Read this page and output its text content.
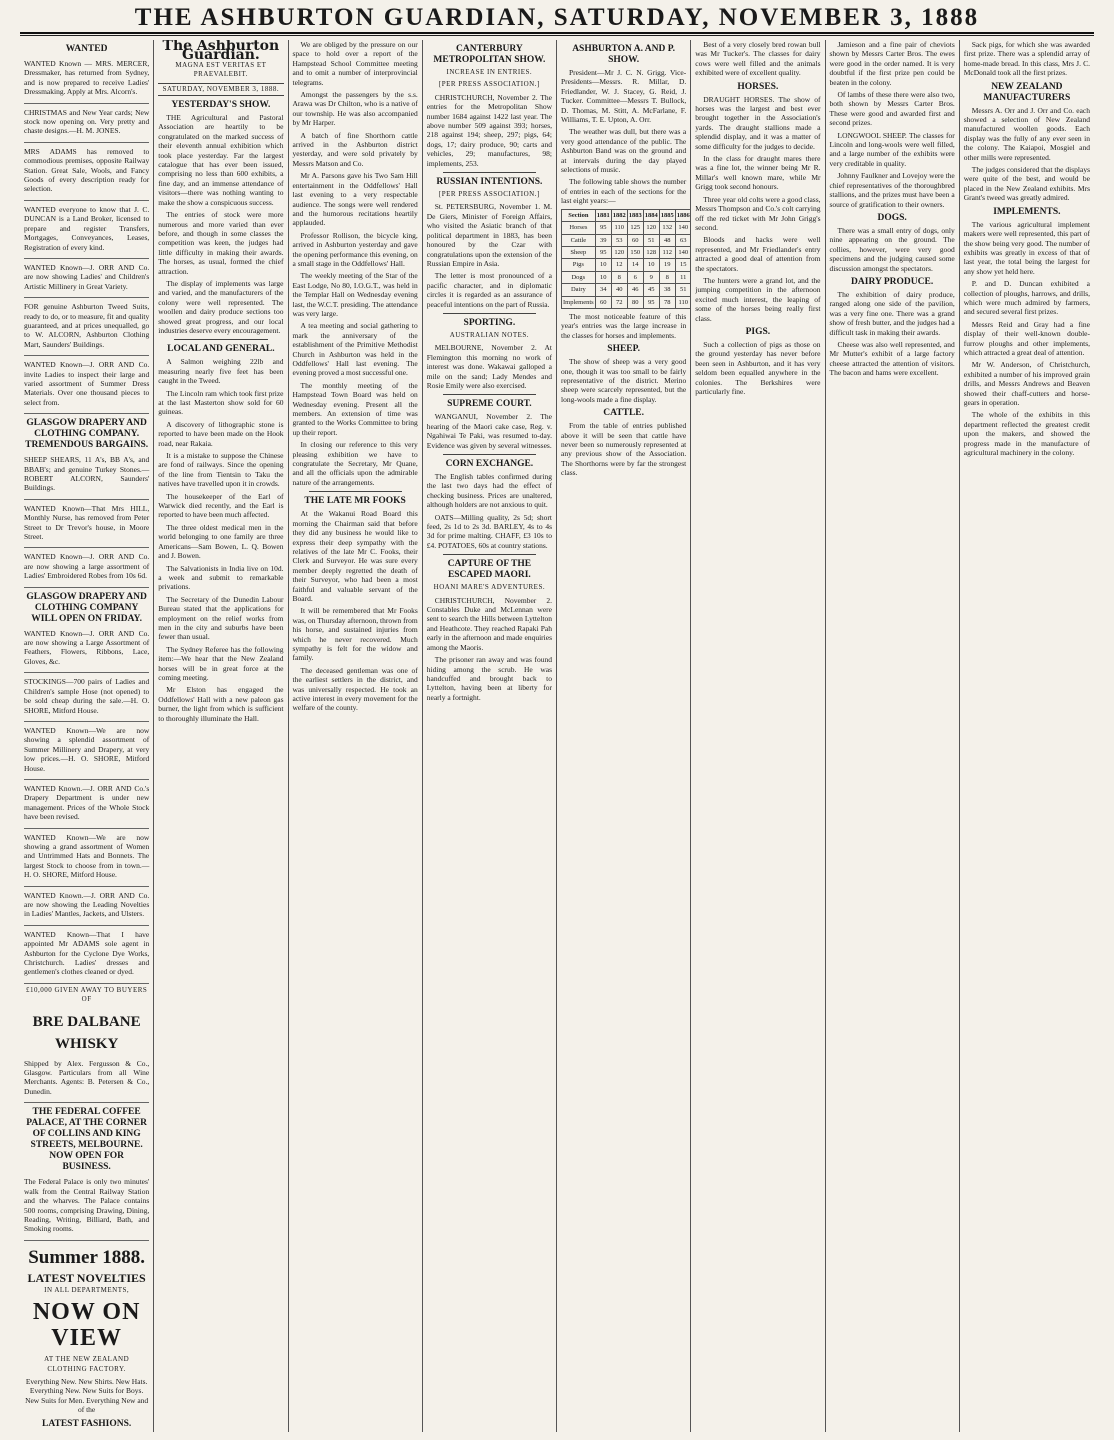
THE ASHBURTON GUARDIAN, SATURDAY, NOVEMBER 3, 1888
WANTED

WANTED Known — MRS. MERCER, Dressmaker, has returned from Sydney, and is now prepared to receive Ladies' Dressmaking. Apply at Mrs. Alcorn's.

CHRISTMAS and New Year cards; New stock now opening on. Very pretty and chaste designs.—H. M. JONES.

MRS ADAMS has removed to commodious premises, opposite Railway Station. Great Sale, Wools, and Fancy Goods of every description ready for selection.

WANTED everyone to know that J. C. DUNCAN is a Land Broker, licensed to prepare and register Transfers, Mortgages, Conveyances, Leases, Registration of every kind.

WANTED Known—J. ORR AND Co. are now showing Ladies' and Children's Artistic Millinery in Great Variety.

FOR genuine Ashburton Tweed Suits, ready to do, or to measure, fit and quality guaranteed, and at prices unequalled, go to W. ALCORN, Ashburton Clothing Mart, Saunders' Buildings.

WANTED Known—J. ORR AND Co. invite Ladies to inspect their large and varied assortment of Summer Dress Materials. Over one thousand pieces to select from.

GLASGOW DRAPERY AND CLOTHING COMPANY. TREMENDOUS BARGAINS.

SHEEP SHEARS, 11 A's, BB A's, and BBAB's; and genuine Turkey Stones.—ROBERT ALCORN, Saunders' Buildings.

WANTED Known—That Mrs HILL, Monthly Nurse, has removed from Peter Street to Dr Trevor's house, in Moore Street.

WANTED Known—J. ORR AND Co. are now showing a large assortment of Ladies' Embroidered Robes from 10s 6d.

GLASGOW DRAPERY AND CLOTHING COMPANY WILL OPEN ON FRIDAY.

WANTED Known—J. ORR AND Co. are now showing a Large Assortment of Feathers, Flowers, Ribbons, Lace, Gloves, &c.

STOCKINGS—700 pairs of Ladies and Children's sample Hose (not opened) to be sold cheap during the sale.—H. O. SHORE, Mitford House.

WANTED Known—We are now showing a splendid assortment of Summer Millinery and Drapery, at very low prices.—H. O. SHORE, Mitford House.

WANTED Known.—J. ORR AND Co.'s Drapery Department is under new management. Prices of the Whole Stock have been revised.

WANTED Known—We are now showing a grand assortment of Women and Untrimmed Hats and Bonnets. The largest Stock to choose from in town.—H. O. SHORE, Mitford House.

WANTED Known.—J. ORR AND Co. are now showing the Leading Novelties in Ladies' Mantles, Jackets, and Ulsters.

WANTED Known—That I have appointed Mr ADAMS sole agent in Ashburton for the Cyclone Dye Works, Christchurch. Ladies' dresses and gentlemen's clothes cleaned or dyed.

£10,000 GIVEN AWAY TO BUYERS OF
BRE DALBANE WHISKY

Shipped by Alex. Fergusson & Co., Glasgow. Particulars from all Wine Merchants. Agents: B. Petersen & Co., Dunedin.

THE FEDERAL COFFEE PALACE, AT THE CORNER OF COLLINS AND KING STREETS, MELBOURNE. NOW OPEN FOR BUSINESS.

The Federal Palace is only two minutes' walk from the Central Railway Station and the wharves. The Palace contains 500 rooms, comprising Drawing, Dining, Reading, Writing, Billiard, Bath, and Smoking rooms.

Summer 1888.
LATEST NOVELTIES
IN ALL DEPARTMENTS,
NOW ON VIEW
AT THE NEW ZEALAND CLOTHING FACTORY.

Everything New. New Shirts. New Hats. Everything New. New Suits for Boys. New Suits for Men. Everything New and of the

LATEST FASHIONS.

The Ashburton Guardian.
MAGNA EST VERITAS ET PRAEVALEBIT.
SATURDAY, NOVEMBER 3, 1888.
YESTERDAY'S SHOW.

THE Agricultural and Pastoral Association are heartily to be congratulated on the marked success of their eleventh annual exhibition which took place yesterday. Far the largest catalogue that has ever been issued, comprising no less than 600 exhibits, a fine day, and an immense attendance of visitors—there was nothing wanting to make the show a conspicuous success.

The entries of stock were more numerous and more varied than ever before, and though in some classes the competition was keen, the judges had little difficulty in making their awards. The horses, as usual, formed the chief attraction.

The display of implements was large and varied, and the manufacturers of the colony were well represented. The woollen and dairy produce sections too showed great progress, and our local industries deserve every encouragement.

LOCAL AND GENERAL.

A Salmon weighing 22lb and measuring nearly five feet has been caught in the Tweed.

The Lincoln ram which took first prize at the last Masterton show sold for 60 guineas.

A discovery of lithographic stone is reported to have been made on the Hook road, near Rakaia.

It is a mistake to suppose the Chinese are fond of railways. Since the opening of the line from Tientsin to Taku the natives have travelled upon it in crowds.

The housekeeper of the Earl of Warwick died recently, and the Earl is reported to have been much affected.

The three oldest medical men in the world belonging to one family are three Americans—Sam Bowen, L. Q. Bowen and J. Bowen.

The Salvationists in India live on 10d. a week and submit to remarkable privations.

The Secretary of the Dunedin Labour Bureau stated that the applications for employment on the relief works from men in the city and suburbs have been fewer than usual.

The Sydney Referee has the following item:—We hear that the New Zealand horses will be in great force at the coming meeting.

Mr Elston has engaged the Oddfellows' Hall with a new paleon gas burner, the light from which is sufficient to thoroughly illuminate the Hall.

We are obliged by the pressure on our space to hold over a report of the Hampstead School Committee meeting and to omit a number of interprovincial telegrams.

Amongst the passengers by the s.s. Arawa was Dr Chilton, who is a native of our township. He was also accompanied by Mr Harper.

A batch of fine Shorthorn cattle arrived in the Ashburton district yesterday, and were sold privately by Messrs Matson and Co.

Mr A. Parsons gave his Two Sam Hill entertainment in the Oddfellows' Hall last evening to a very respectable audience. The songs were well rendered and the humorous recitations heartily applauded.

Professor Rollison, the bicycle king, arrived in Ashburton yesterday and gave the opening performance this evening, on a small stage in the Oddfellows' Hall.

The weekly meeting of the Star of the East Lodge, No 80, I.O.G.T., was held in the Templar Hall on Wednesday evening last, the W.C.T. presiding. The attendance was very large.

A tea meeting and social gathering to mark the anniversary of the establishment of the Primitive Methodist Church in Ashburton was held in the Oddfellows' Hall last evening. The evening proved a most successful one.

The monthly meeting of the Hampstead Town Board was held on Wednesday evening. Present all the members. An extension of time was granted to the Works Committee to bring up their report.

In closing our reference to this very pleasing exhibition we have to congratulate the Secretary, Mr Quane, and all the officials upon the admirable nature of the arrangements.

THE LATE MR FOOKS

At the Wakanui Road Board this morning the Chairman said that before they did any business he would like to express their deep sympathy with the relatives of the late Mr C. Fooks, their Clerk and Surveyor. He was sure every member deeply regretted the death of their Surveyor, who had been a most faithful and valuable servant of the Board.

It will be remembered that Mr Fooks was, on Thursday afternoon, thrown from his horse, and sustained injuries from which he never recovered. Much sympathy is felt for the widow and family.

The deceased gentleman was one of the earliest settlers in the district, and was universally respected. He took an active interest in every movement for the welfare of the county.

CANTERBURY METROPOLITAN SHOW.
INCREASE IN ENTRIES.
[PER PRESS ASSOCIATION.]

CHRISTCHURCH, November 2. The entries for the Metropolitan Show number 1684 against 1422 last year. The above number 509 against 393; horses, 218 against 194; sheep, 297; pigs, 64; dogs, 17; dairy produce, 90; carts and vehicles, 29; manufactures, 98; implements, 253.

RUSSIAN INTENTIONS.
[PER PRESS ASSOCIATION.]

St. PETERSBURG, November 1. M. De Giers, Minister of Foreign Affairs, who visited the Asiatic branch of that political department in 1883, has been honoured by the Czar with congratulations upon the extension of the Russian Empire in Asia.

The letter is most pronounced of a pacific character, and in diplomatic circles it is regarded as an assurance of peaceful intentions on the part of Russia.

SPORTING.
AUSTRALIAN NOTES.

MELBOURNE, November 2. At Flemington this morning no work of interest was done. Wakawai galloped a mile on the sand; Lady Mendes and Rosie Emily were also exercised.

SUPREME COURT.

WANGANUI, November 2. The hearing of the Maori cake case, Reg. v. Ngahiwai Te Paki, was resumed to-day. Evidence was given by several witnesses.

CORN EXCHANGE.

The English tables confirmed during the last two days had the effect of checking business. Prices are unaltered, although holders are not anxious to quit.

OATS—Milling quality, 2s 5d; short feed, 2s 1d to 2s 3d. BARLEY, 4s to 4s 3d for prime malting. CHAFF, £3 10s to £4. POTATOES, 60s at country stations.

CAPTURE OF THE ESCAPED MAORI.
HOANI MARE'S ADVENTURES.

CHRISTCHURCH, November 2. Constables Duke and McLennan were sent to search the Hills between Lyttelton and Heathcote. They reached Rapaki Pah early in the afternoon and made enquiries among the Maoris.

The prisoner ran away and was found hiding among the scrub. He was handcuffed and brought back to Lyttelton, having been at liberty for nearly a fortnight.

ASHBURTON A. AND P. SHOW.

President—Mr J. C. N. Grigg. Vice-Presidents—Messrs. R. Millar, D. Friedlander, W. J. Stacey, G. Reid, J. Tucker. Committee—Messrs T. Bullock, D. Thomas, M. Stitt, A. McFarlane, F. Williams, T. E. Upton, A. Orr.

The weather was dull, but there was a very good attendance of the public. The Ashburton Band was on the ground and at intervals during the day played selections of music.

The following table shows the number of entries in each of the sections for the last eight years:—

Section	1881	1882	1883	1884	1885	1886		
Horses	95	110	125	120	132	140		
Cattle	39	53	60	51	48	63		
Sheep	95	120	150	128	112	140		
Pigs	10	12	14	10	19	15		
Dogs	10	8	6	9	8	11		
Dairy	34	40	46	45	38	51		
Implements	60	72	80	95	78	110		

The most noticeable feature of this year's entries was the large increase in the classes for horses and implements.

SHEEP.

The show of sheep was a very good one, though it was too small to be fairly representative of the district. Merino sheep were scarcely represented, but the long-wools made a fine display.

CATTLE.

From the table of entries published above it will be seen that cattle have never been so numerously represented at any previous show of the Association. The Shorthorns were by far the strongest class.

Best of a very closely bred rowan bull was Mr Tucker's. The classes for dairy cows were well filled and the animals exhibited were of excellent quality.

HORSES.

DRAUGHT HORSES. The show of horses was the largest and best ever brought together in the Association's yards. The draught stallions made a splendid display, and it was a matter of some difficulty for the judges to decide.

In the class for draught mares there was a fine lot, the winner being Mr R. Millar's well known mare, while Mr Grigg took second honours.

Three year old colts were a good class, Messrs Thompson and Co.'s colt carrying off the red ticket with Mr John Grigg's second.

Bloods and hacks were well represented, and Mr Friedlander's entry attracted a good deal of attention from the spectators.

The hunters were a grand lot, and the jumping competition in the afternoon excited much interest, the leaping of some of the horses being really first class.

PIGS.

Such a collection of pigs as those on the ground yesterday has never before been seen in Ashburton, and it has very seldom been equalled anywhere in the colonies. The Berkshires were particularly fine.

Jamieson and a fine pair of cheviots shown by Messrs Carter Bros. The ewes were good in the order named. It is very doubtful if the first prize pen could be beaten in the colony.

Of lambs of these there were also two, both shown by Messrs Carter Bros. These were good and awarded first and second prizes.

LONGWOOL SHEEP. The classes for Lincoln and long-wools were well filled, and a large number of the exhibits were very creditable in quality.

Johnny Faulkner and Lovejoy were the chief representatives of the thoroughbred stallions, and the prizes must have been a source of gratification to their owners.

DOGS.

There was a small entry of dogs, only nine appearing on the ground. The collies, however, were very good specimens and the judging caused some discussion amongst the spectators.

DAIRY PRODUCE.

The exhibition of dairy produce, ranged along one side of the pavilion, was a very fine one. There was a grand show of fresh butter, and the judges had a difficult task in making their awards.

Cheese was also well represented, and Mr Mutter's exhibit of a large factory cheese attracted the attention of visitors. The bacon and hams were excellent.

Sack pigs, for which she was awarded first prize. There was a splendid array of home-made bread. In this class, Mrs J. C. McDonald took all the first prizes.

NEW ZEALAND MANUFACTURERS

Messrs A. Orr and J. Orr and Co. each showed a selection of New Zealand manufactured woollen goods. Each display was the fully of any ever seen in the colony. The Kaiapoi, Mosgiel and other mills were represented.

The judges considered that the displays were quite of the best, and would be placed in the New Zealand exhibits. Mrs Grant's tweed was greatly admired.

IMPLEMENTS.

The various agricultural implement makers were well represented, this part of the show being very good. The number of exhibits was greatly in excess of that of last year, the total being the largest for any show yet held here.

P. and D. Duncan exhibited a collection of ploughs, harrows, and drills, which were much admired by farmers, and secured several first prizes.

Messrs Reid and Gray had a fine display of their well-known double-furrow ploughs and other implements, which attracted a great deal of attention.

Mr W. Anderson, of Christchurch, exhibited a number of his improved grain drills, and Messrs Andrews and Beaven showed their chaff-cutters and horse-gears in operation.

The whole of the exhibits in this department reflected the greatest credit upon the makers, and showed the progress made in the manufacture of agricultural machinery in the colony.
